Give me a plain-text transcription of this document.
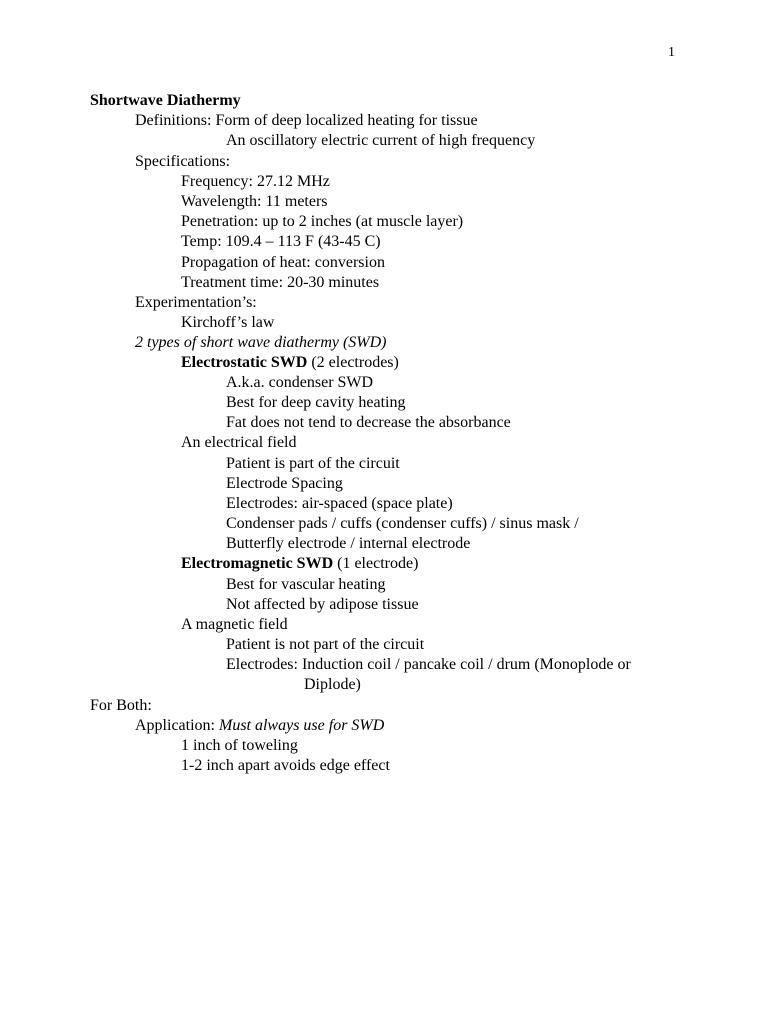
1
Shortwave Diathermy
Definitions: Form of deep localized heating for tissue
An oscillatory electric current of high frequency
Specifications:
Frequency: 27.12 MHz
Wavelength: 11 meters
Penetration: up to 2 inches (at muscle layer)
Temp: 109.4 – 113 F (43-45 C)
Propagation of heat: conversion
Treatment time: 20-30 minutes
Experimentation’s:
Kirchoff’s law
2 types of short wave diathermy (SWD)
Electrostatic SWD (2 electrodes)
A.k.a. condenser SWD
Best for deep cavity heating
Fat does not tend to decrease the absorbance
An electrical field
Patient is part of the circuit
Electrode Spacing
Electrodes: air-spaced (space plate)
Condenser pads / cuffs (condenser cuffs) / sinus mask /
Butterfly electrode / internal electrode
Electromagnetic SWD (1 electrode)
Best for vascular heating
Not affected by adipose tissue
A magnetic field
Patient is not part of the circuit
Electrodes: Induction coil / pancake coil / drum (Monoplode or
Diplode)
For Both:
Application: Must always use for SWD
1 inch of toweling
1-2 inch apart avoids edge effect
